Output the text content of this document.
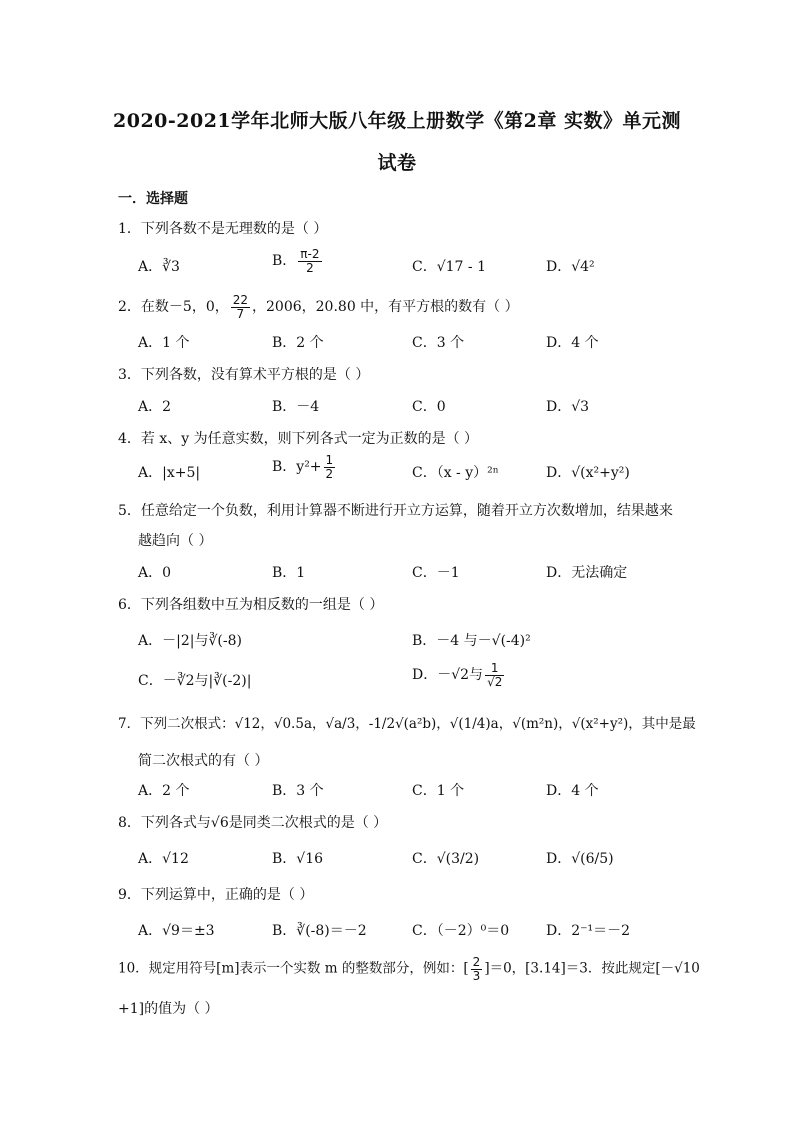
2020-2021学年北师大版八年级上册数学《第2章 实数》单元测
试卷
一．选择题
1．下列各数不是无理数的是（ ）
A．∛3	B． $\frac{\pi-2}{2}$	C．√17 - 1	D．√4²
2．在数－5，0， $\frac{22}{7}$ ，2006，20.80 中，有平方根的数有（ ）
A．1 个	B．2 个	C．3 个	D．4 个
3．下列各数，没有算术平方根的是（ ）
A．2	B．－4	C．0	D．√3
4．若 x、y 为任意实数，则下列各式一定为正数的是（ ）
A．|x+5|	B．$y^2+ \frac{1}{2}$	C．（x - y）²ⁿ	D．√(x²+y²)
5．任意给定一个负数，利用计算器不断进行开立方运算，随着开立方次数增加，结果越来
越趋向（ ）
A．0	B．1	C．－1	D．无法确定
6．下列各组数中互为相反数的一组是（ ）
A．－|2|与∛(-8)	B．－4 与－√(-4)²
C．－∛2与|∛(-2)|	D．－√2与 $\frac{1}{√2}$
7．下列二次根式：√12，√0.5a，√a/3，-1/2√(a²b)，√(1/4)a，√(m²n)，√(x²+y²)，其中是最
简二次根式的有（ ）
A．2 个	B．3 个	C．1 个	D．4 个
8．下列各式与√6是同类二次根式的是（ ）
A．√12	B．√16	C．√(3/2)	D．√(6/5)
9．下列运算中，正确的是（ ）
A．√9＝±3	B．∛(-8)＝－2	C．（－2）⁰＝0	D．2⁻¹＝－2
10．规定用符号[m]表示一个实数 m 的整数部分，例如：[ $\frac{2}{3} ]=0$，[3.14]＝3．按此规定[－√10
+1]的值为（ ）
